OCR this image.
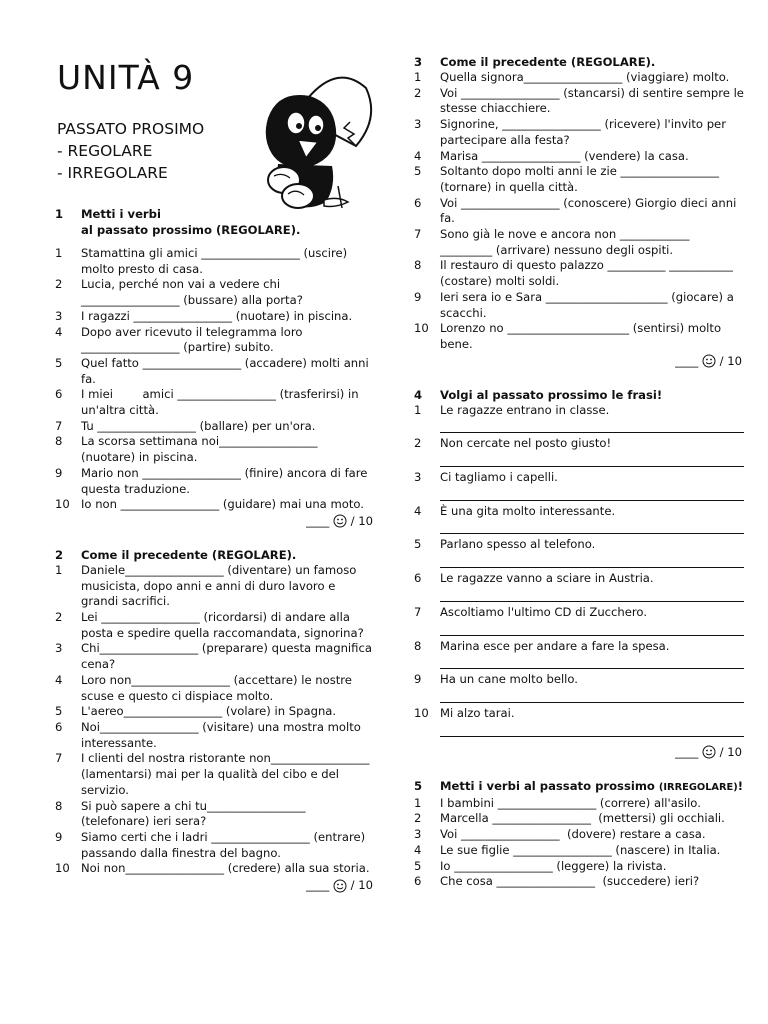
UNITÀ 9
PASSATO PROSIMO
- REGOLARE
- IRREGOLARE
1	Metti i verbi
al passato prossimo (REGOLARE).
1	Stamattina gli amici _________________ (uscire) molto presto di casa.
2	Lucia, perché non vai a vedere chi _________________ (bussare) alla porta?
3	I ragazzi _________________ (nuotare) in piscina.
4	Dopo aver ricevuto il telegramma loro _________________ (partire) subito.
5	Quel fatto _________________ (accadere) molti anni fa.
6	I miei        amici _________________ (trasferirsi) in un'altra città.
7	Tu _________________ (ballare) per un'ora.
8	La scorsa settimana noi_________________ (nuotare) in piscina.
9	Mario non _________________ (finire) ancora di fare questa traduzione.
10 Io non _________________ (guidare) mai una moto.
____ / 10
2	Come il precedente (REGOLARE).
1	Daniele_________________ (diventare) un famoso musicista, dopo anni e anni di duro lavoro e grandi sacrifici.
2	Lei _________________ (ricordarsi) di andare alla posta e spedire quella raccomandata, signorina?
3	Chi_________________ (preparare) questa magnifica cena?
4	Loro non_________________ (accettare) le nostre scuse e questo ci dispiace molto.
5	L'aereo_________________ (volare) in Spagna.
6	Noi_________________ (visitare) una mostra molto interessante.
7	I clienti del nostra ristorante non_________________ (lamentarsi) mai per la qualità del cibo e del servizio.
8	Si può sapere a chi tu_________________ (telefonare) ieri sera?
9	Siamo certi che i ladri _________________ (entrare) passando dalla finestra del bagno.
10 Noi non_________________ (credere) alla sua storia.
____ / 10
3	Come il precedente (REGOLARE).
1	Quella signora_________________ (viaggiare) molto.
2	Voi _________________ (stancarsi) di sentire sempre le stesse chiacchiere.
3	Signorine, _________________ (ricevere) l'invito per partecipare alla festa?
4	Marisa _________________ (vendere) la casa.
5	Soltanto dopo molti anni le zie _________________ (tornare) in quella città.
6	Voi _________________ (conoscere) Giorgio dieci anni fa.
7	Sono già le nove e ancora non ____________ _________ (arrivare) nessuno degli ospiti.
8	Il restauro di questo palazzo __________ ___________ (costare) molti soldi.
9	Ieri sera io e Sara _____________________ (giocare) a scacchi.
10 Lorenzo no _____________________ (sentirsi) molto bene.
____ / 10
4	Volgi al passato prossimo le frasi!
1	Le ragazze entrano in classe.
2	Non cercate nel posto giusto!
3	Ci tagliamo i capelli.
4	È una gita molto interessante.
5	Parlano spesso al telefono.
6	Le ragazze vanno a sciare in Austria.
7	Ascoltiamo l'ultimo CD di Zucchero.
8	Marina esce per andare a fare la spesa.
9	Ha un cane molto bello.
10 Mi alzo tarai.
____ / 10
5	Metti i verbi al passato prossimo (IRREGOLARE)!
1	I bambini _________________ (correre) all'asilo.
2	Marcella _________________  (mettersi) gli occhiali.
3	Voi _________________  (dovere) restare a casa.
4	Le sue figlie _________________ (nascere) in Italia.
5	Io _________________ (leggere) la rivista.
6	Che cosa _________________  (succedere) ieri?
